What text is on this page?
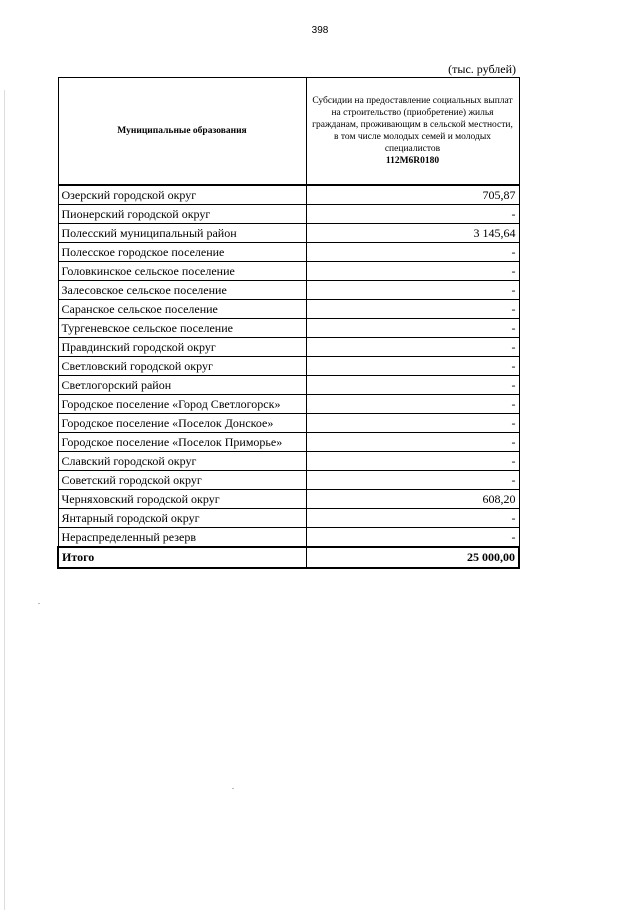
398
(тыс. рублей)
Муниципальные образования	Субсидии на предоставление социальных выплат на строительство (приобретение) жилья гражданам, проживающим в сельской местности, в том числе молодых семей и молодых специалистов
112M6R0180

Озерский городской округ	705,87
Пионерский городской округ	-
Полесский муниципальный район	3 145,64
Полесское городское поселение	-
Головкинское сельское поселение	-
Залесовское сельское поселение	-
Саранское сельское поселение	-
Тургеневское сельское поселение	-
Правдинский городской округ	-
Светловский городской округ	-
Светлогорский район	-
Городское поселение «Город Светлогорск»	-
Городское поселение «Поселок Донское»	-
Городское поселение «Поселок Приморье»	-
Славский городской округ	-
Советский городской округ	-
Черняховский городской округ	608,20
Янтарный городской округ	-
Нераспределенный резерв	-
Итого	25 000,00
